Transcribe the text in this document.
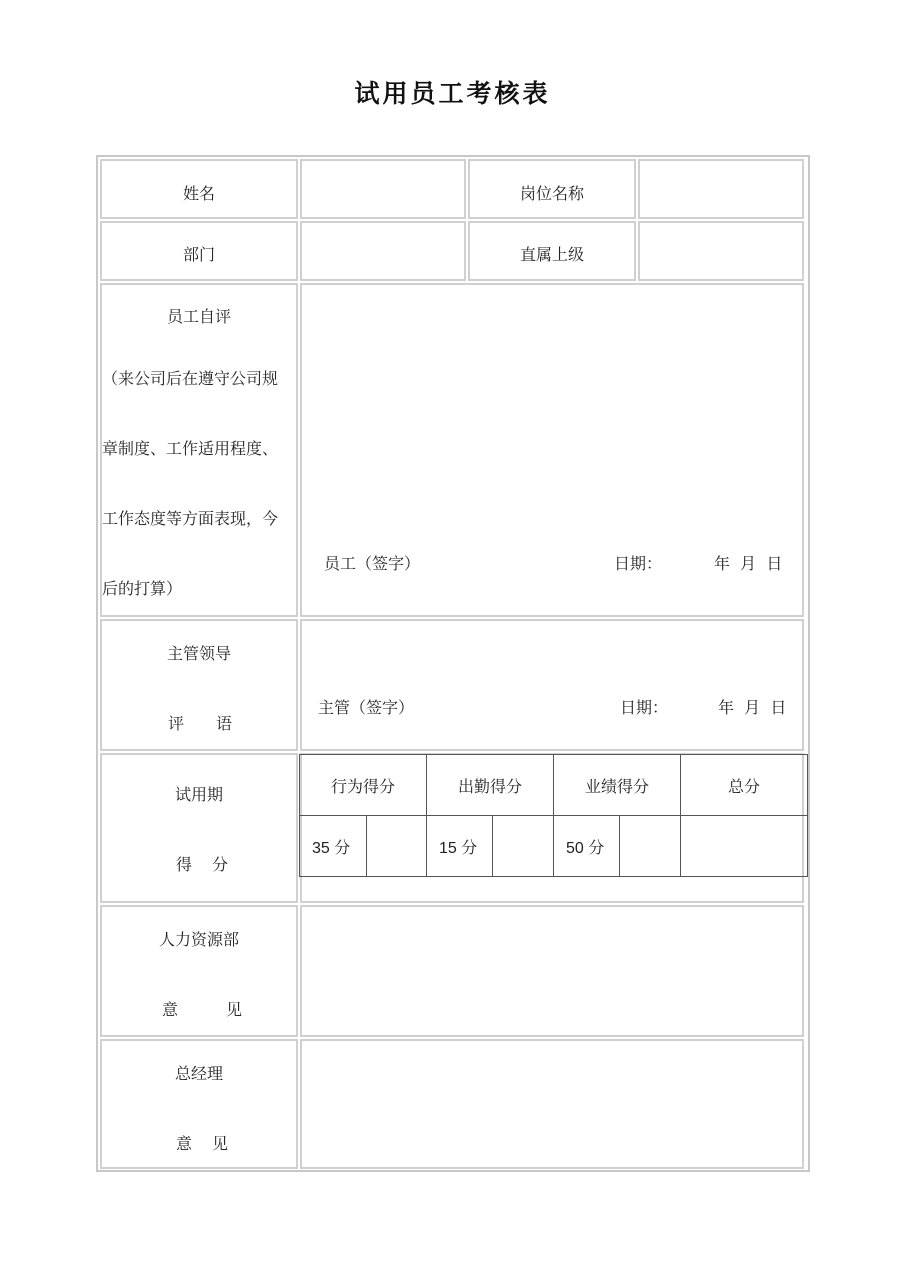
试用员工考核表
姓名	岗位名称
部门	直属上级
员工自评
（来公司后在遵守公司规
章制度、工作适用程度、
工作态度等方面表现，今
后的打算）
员工（签字）	日期：	年  月  日
主管领导
评 语
主管（签字）	日期：	年  月  日
试用期
得 分
行为得分		出勤得分		业绩得分		总分
35 分		15 分		50 分		
人力资源部
意	见
总经理
意 见
